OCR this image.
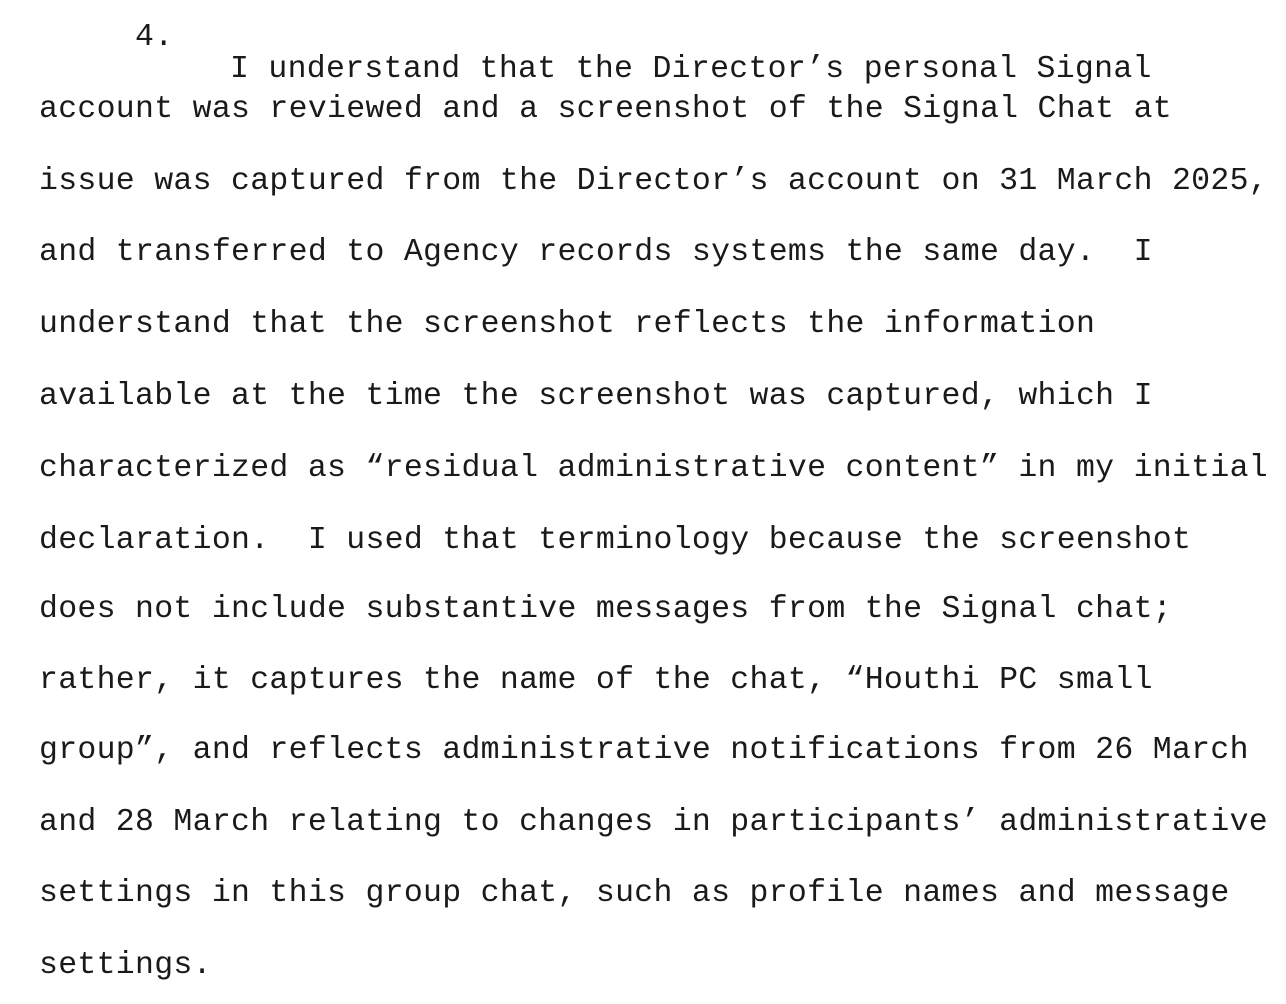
4.

I understand that the Director’s personal Signal

account was reviewed and a screenshot of the Signal Chat at

issue was captured from the Director’s account on 31 March 2025,

and transferred to Agency records systems the same day.  I

understand that the screenshot reflects the information

available at the time the screenshot was captured, which I

characterized as “residual administrative content” in my initial

declaration.  I used that terminology because the screenshot

does not include substantive messages from the Signal chat;

rather, it captures the name of the chat, “Houthi PC small

group”, and reflects administrative notifications from 26 March

and 28 March relating to changes in participants’ administrative

settings in this group chat, such as profile names and message

settings.
